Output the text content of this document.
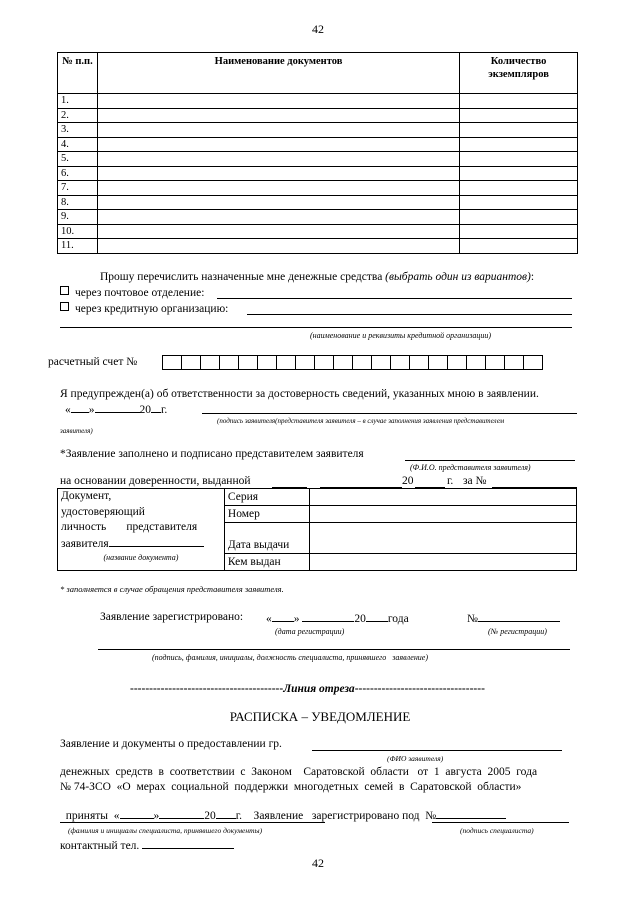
42
№ п.п.	Наименование документов	Количество экземпляров
1.		
2.		
3.		
4.		
5.		
6.		
7.		
8.		
9.		
10.		
11.		
Прошу перечислить назначенные мне денежные средства (выбрать один из вариантов):
через почтовое отделение:
через кредитную организацию:
(наименование и реквизиты кредитной организации)
расчетный счет №
Я предупрежден(а) об ответственности за достоверность сведений, указанных мною в заявлении.
« »	20 г.
(подпись заявителя(представителя заявителя – в случае заполнения заявления представителем
заявителя)
*Заявление заполнено и подписано представителем заявителя
(Ф.И.О. представителя заявителя)
на основании доверенности, выданной	20	г. за №
Документ,
удостоверяющий
личность       представителя
заявителя
(название документа)	Серия	
	Номер	
	Дата выдачи	
	Кем выдан	
* заполняется в случае обращения представителя заявителя.
Заявление зарегистрировано: « »	20 года	№
(дата регистрации)	(№ регистрации)
(подпись, фамилия, инициалы, должность специалиста, принявшего   заявление)
----------------------------------------Линия отреза----------------------------------
РАСПИСКА – УВЕДОМЛЕНИЕ
Заявление и документы о предоставлении гр.
(ФИО заявителя)
денежных  средств  в  соответствии  с  Законом    Саратовской  области   от  1  августа  2005  года
№ 74-ЗСО  «О  мерах  социальной  поддержки  многодетных  семей  в  Саратовской  области»

приняты  «	»	20 г.    Заявление   зарегистрировано под  №

(фамилия и инициалы специалиста, принявшего документы)	(подпись специалиста)
контактный тел.
42
